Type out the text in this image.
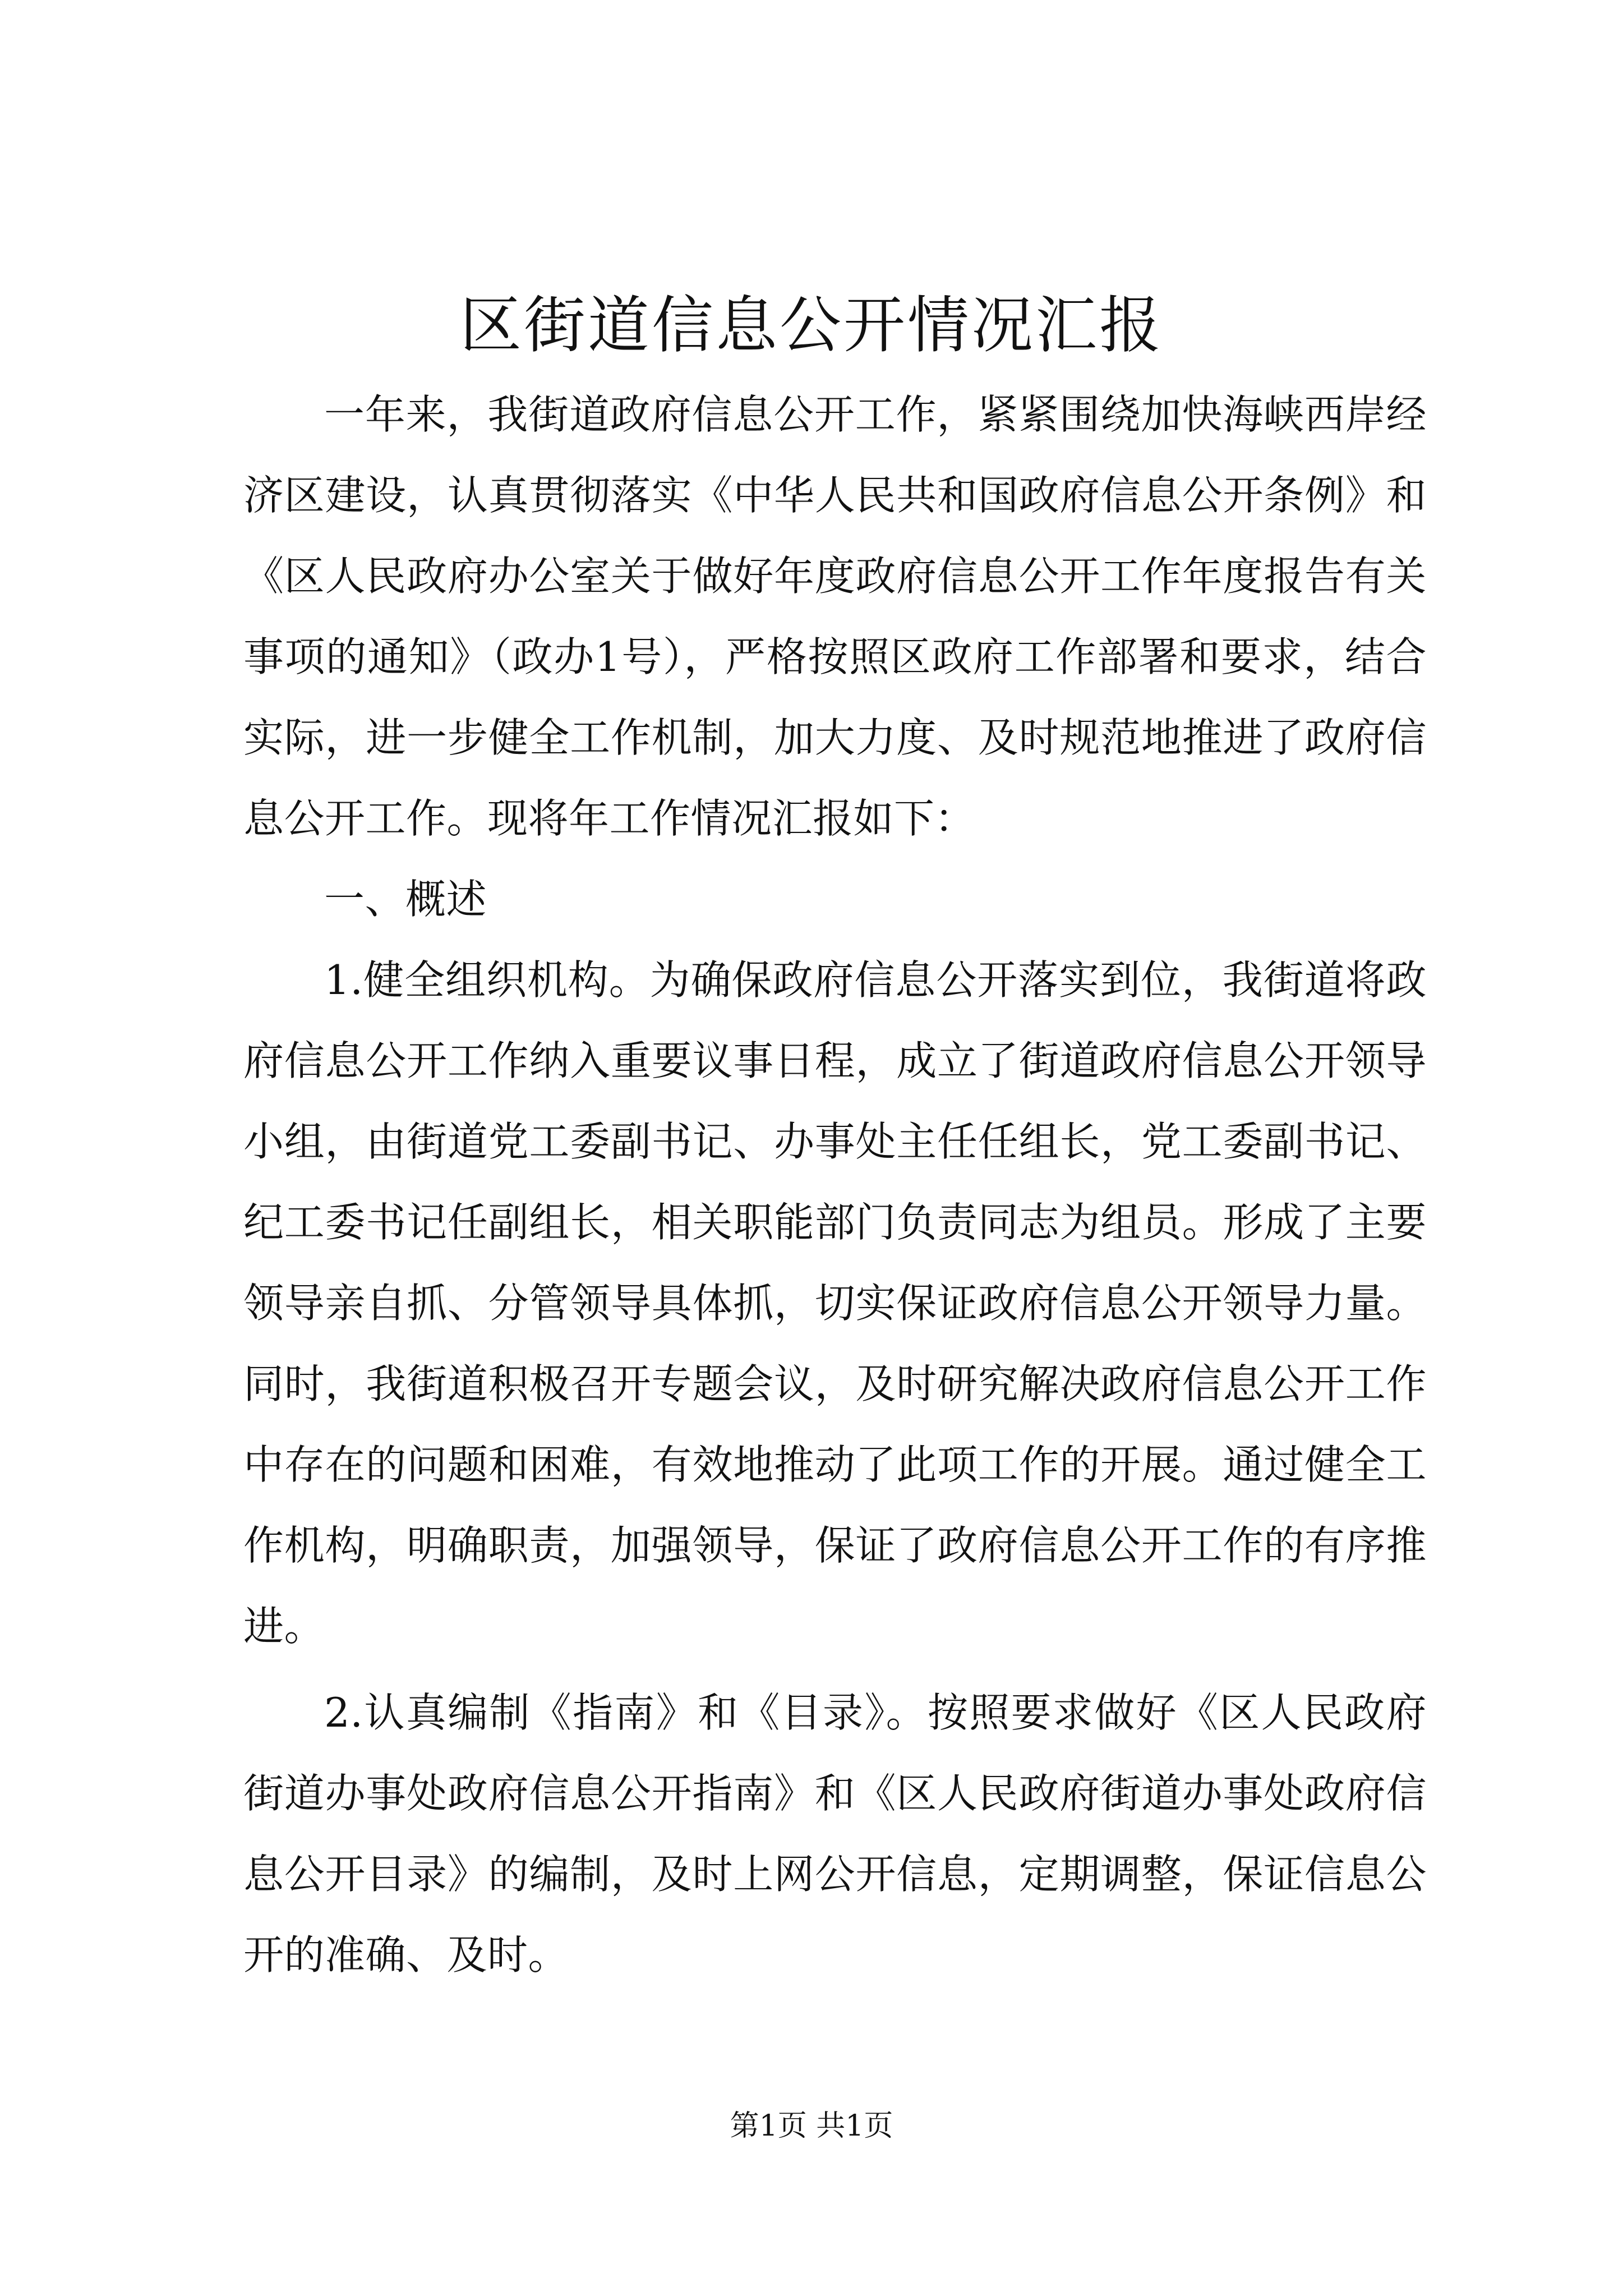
区街道信息公开情况汇报

一年来，我街道政府信息公开工作，紧紧围绕加快海峡西岸经济区建设，认真贯彻落实《中华人民共和国政府信息公开条例》和《区人民政府办公室关于做好年度政府信息公开工作年度报告有关事项的通知》（政办1号），严格按照区政府工作部署和要求，结合实际，进一步健全工作机制，加大力度、及时规范地推进了政府信息公开工作。现将年工作情况汇报如下：

一、概述

1.健全组织机构。为确保政府信息公开落实到位，我街道将政府信息公开工作纳入重要议事日程，成立了街道政府信息公开领导小组，由街道党工委副书记、办事处主任任组长，党工委副书记、纪工委书记任副组长，相关职能部门负责同志为组员。形成了主要领导亲自抓、分管领导具体抓，切实保证政府信息公开领导力量。同时，我街道积极召开专题会议，及时研究解决政府信息公开工作中存在的问题和困难，有效地推动了此项工作的开展。通过健全工作机构，明确职责，加强领导，保证了政府信息公开工作的有序推进。

2.认真编制《指南》和《目录》。按照要求做好《区人民政府街道办事处政府信息公开指南》和《区人民政府街道办事处政府信息公开目录》的编制，及时上网公开信息，定期调整，保证信息公开的准确、及时。

第1页 共1页
